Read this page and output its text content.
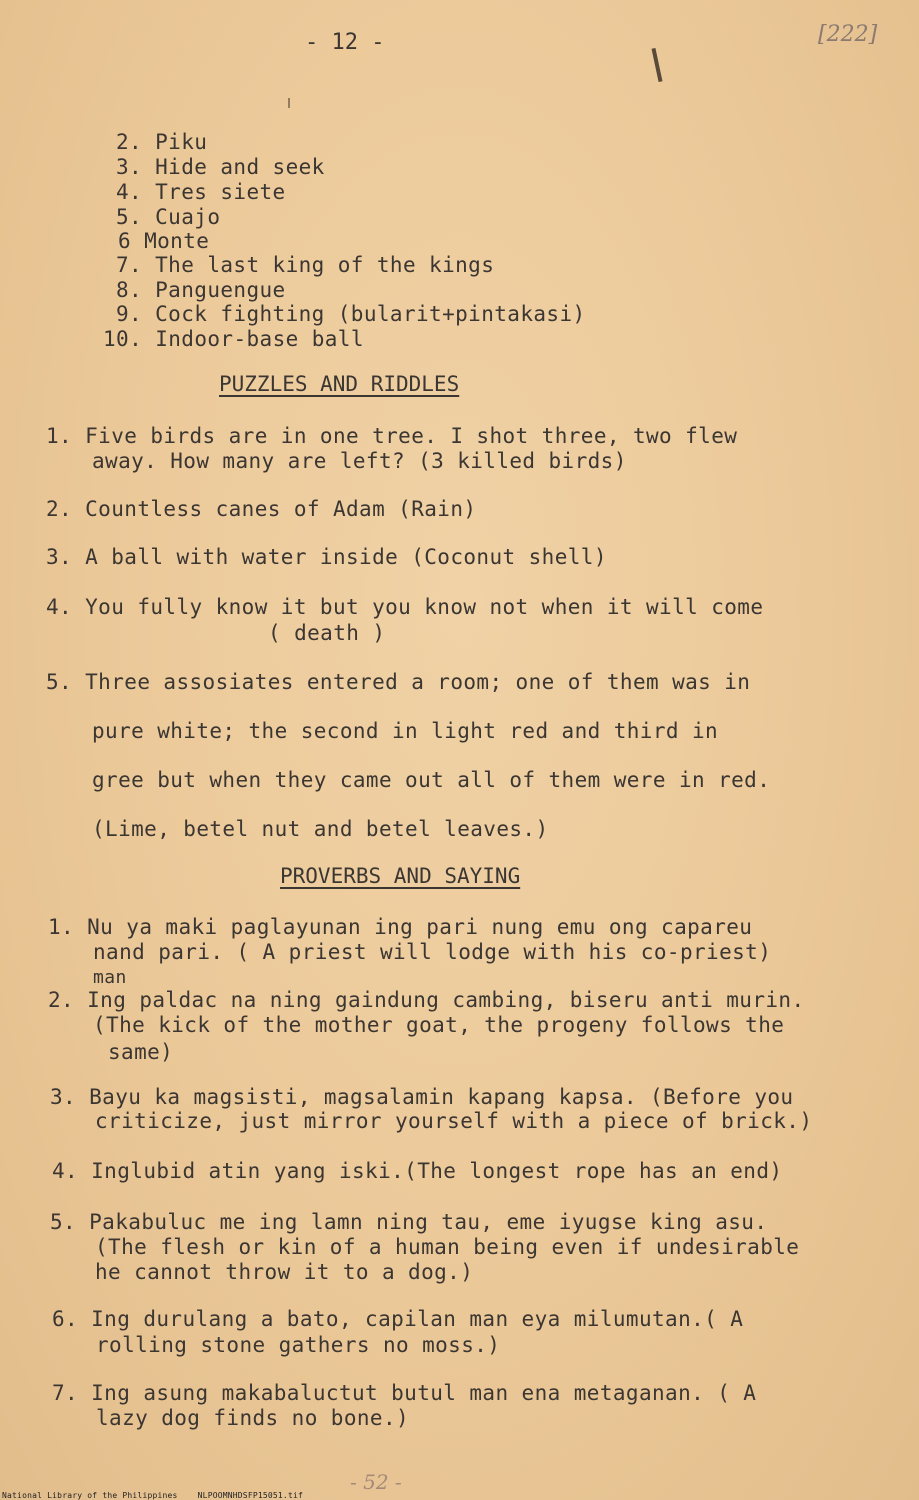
- 12 -	[222]
2. Piku
3. Hide and seek
4. Tres siete
5. Cuajo
6 Monte
7. The last king of the kings
8. Panguengue
9. Cock fighting (bularit+pintakasi)
10. Indoor-base ball
PUZZLES AND RIDDLES
1. Five birds are in one tree. I shot three, two flew
away. How many are left? (3 killed birds)
2. Countless canes of Adam (Rain)
3. A ball with water inside (Coconut shell)
4. You fully know it but you know not when it will come
( death )
5. Three assosiates entered a room; one of them was in
pure white; the second in light red and third in
gree but when they came out all of them were in red.
(Lime, betel nut and betel leaves.)
PROVERBS AND SAYING
1. Nu ya maki paglayunan ing pari nung emu ong capareu
nand pari. ( A priest will lodge with his co-priest)
man
2. Ing paldac na ning gaindung cambing, biseru anti murin.
(The kick of the mother goat, the progeny follows the
same)
3. Bayu ka magsisti, magsalamin kapang kapsa. (Before you
criticize, just mirror yourself with a piece of brick.)
4. Inglubid atin yang iski.(The longest rope has an end)
5. Pakabuluc me ing lamn ning tau, eme iyugse king asu.
(The flesh or kin of a human being even if undesirable
he cannot throw it to a dog.)
6. Ing durulang a bato, capilan man eya milumutan.( A
rolling stone gathers no moss.)
7. Ing asung makabaluctut butul man ena metaganan. ( A
lazy dog finds no bone.)
- 52 -
National Library of the Philippines	NLPOOMNHDSFP15051.tif
